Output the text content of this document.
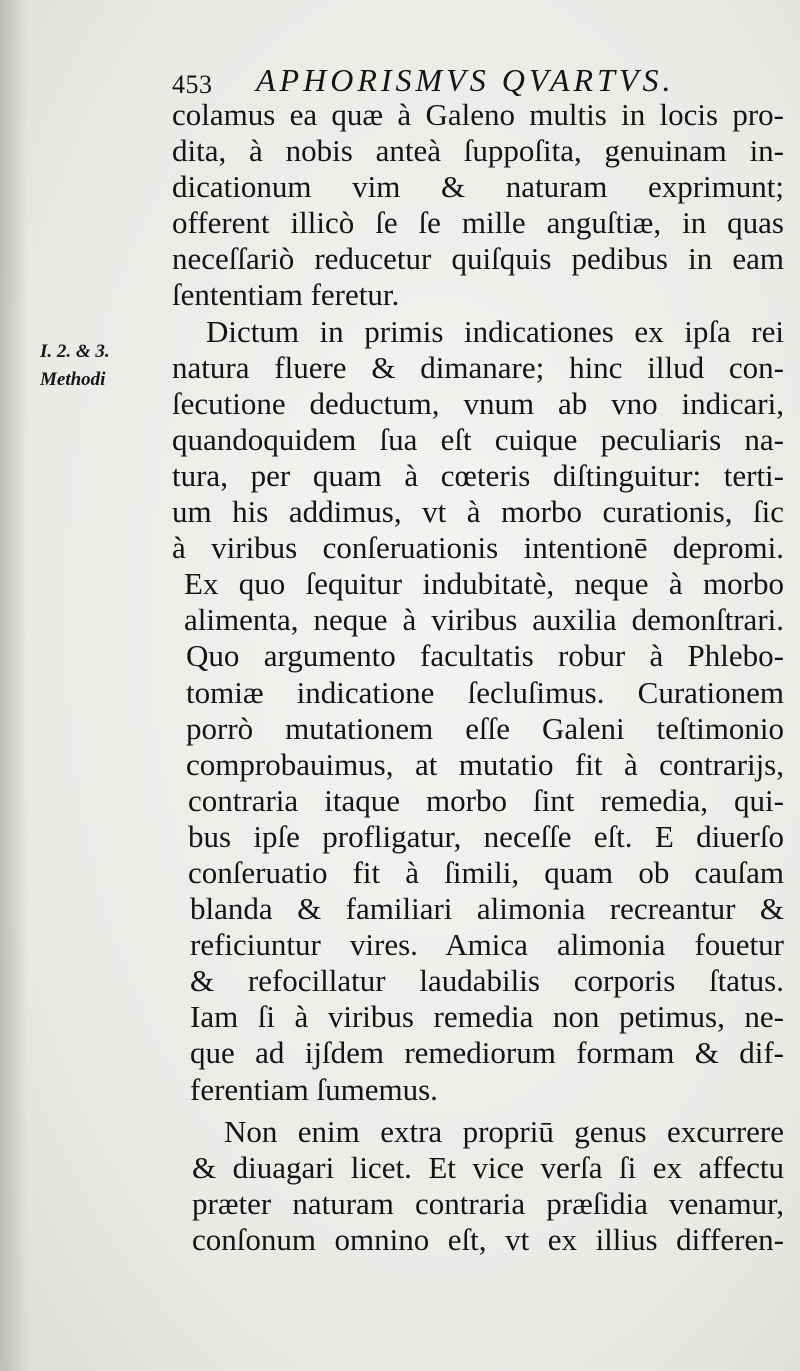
453 APHORISMVS QVARTVS.
I. 2. & 3.
Methodi
colamus ea quæ à Galeno multis in locis pro-
dita, à nobis anteà ſuppoſita, genuinam in-
dicationum vim & naturam exprimunt;
offerent illicò ſe ſe mille anguſtiæ, in quas
neceſſariò reducetur quiſquis pedibus in eam
ſententiam feretur.
Dictum in primis indicationes ex ipſa rei
natura fluere & dimanare; hinc illud con-
ſecutione deductum, vnum ab vno indicari,
quandoquidem ſua eſt cuique peculiaris na-
tura, per quam à cœteris diſtinguitur: terti-
um his addimus, vt à morbo curationis, ſic
à viribus conſeruationis intentionē depromi.
Ex quo ſequitur indubitatè, neque à morbo
alimenta, neque à viribus auxilia demonſtrari.
Quo argumento facultatis robur à Phlebo-
tomiæ indicatione ſecluſimus. Curationem
porrò mutationem eſſe Galeni teſtimonio
comprobauimus, at mutatio fit à contrarijs,
contraria itaque morbo ſint remedia, qui-
bus ipſe profligatur, neceſſe eſt. E diuerſo
conſeruatio fit à ſimili, quam ob cauſam
blanda & familiari alimonia recreantur &
reficiuntur vires. Amica alimonia fouetur
& refocillatur laudabilis corporis ſtatus.
Iam ſi à viribus remedia non petimus, ne-
que ad ijſdem remediorum formam & dif-
ferentiam ſumemus.
Non enim extra propriū genus excurrere
& diuagari licet. Et vice verſa ſi ex affectu
præter naturam contraria præſidia venamur,
conſonum omnino eſt, vt ex illius differen-
